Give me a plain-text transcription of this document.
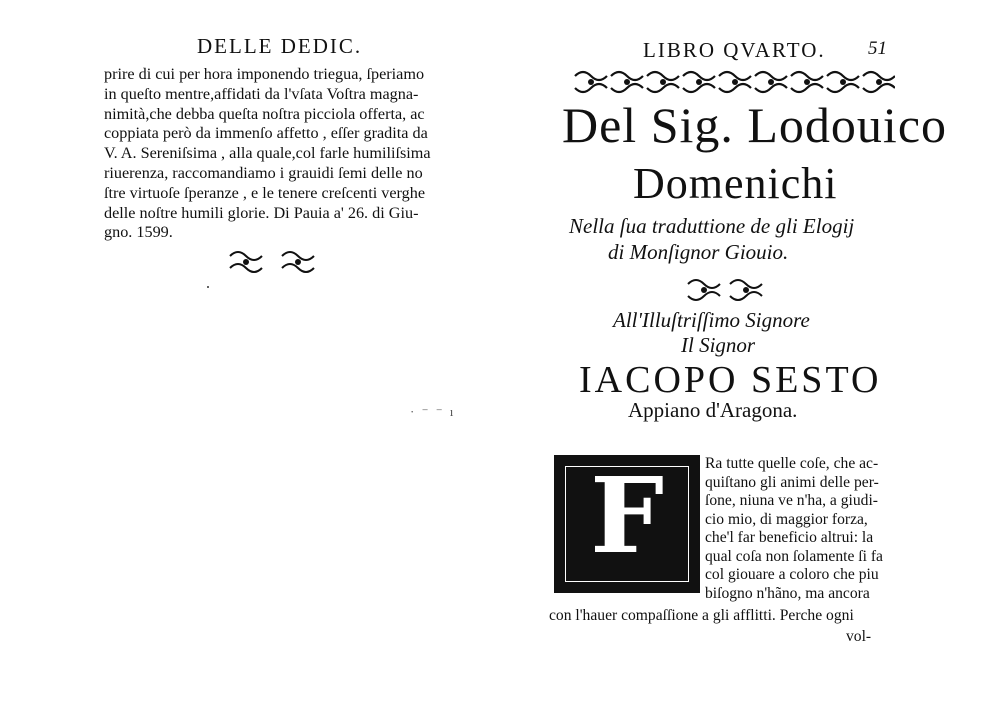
DELLE DEDIC.
prire di cui per hora imponendo triegua, ſperiamo
in queſto mentre,affidati da l'vſata Voſtra magna-
nimità,che debba queſta noſtra picciola offerta, ac
coppiata però da immenſo affetto , eſſer gradita da
V. A. Sereniſsima , alla quale,col farle humiliſsima
riuerenza, raccomandiamo i grauidi ſemi delle no
ſtre virtuoſe ſperanze , e le tenere creſcenti verghe
delle noſtre humili glorie. Di Pauia a' 26. di Giu-
gno. 1599.
· ⁻ ⁻ ı
LIBRO QVARTO. 51
Del Sig. Lodouico
Domenichi
Nella ſua traduttione de gli Elogij
di Monſignor Giouio.
All'Illuſtriſſimo Signore
Il Signor
IACOPO SESTO
Appiano d'Aragona.
F	Ra tutte quelle coſe, che ac-
quiſtano gli animi delle per-
ſone, niuna ve n'ha, a giudi-
cio mio, di maggior forza,
che'l far beneficio altrui: la
qual coſa non ſolamente ſi fa
col giouare a coloro che piu
biſogno n'hãno, ma ancora
con l'hauer compaſſione a gli afflitti. Perche ogni
vol-
